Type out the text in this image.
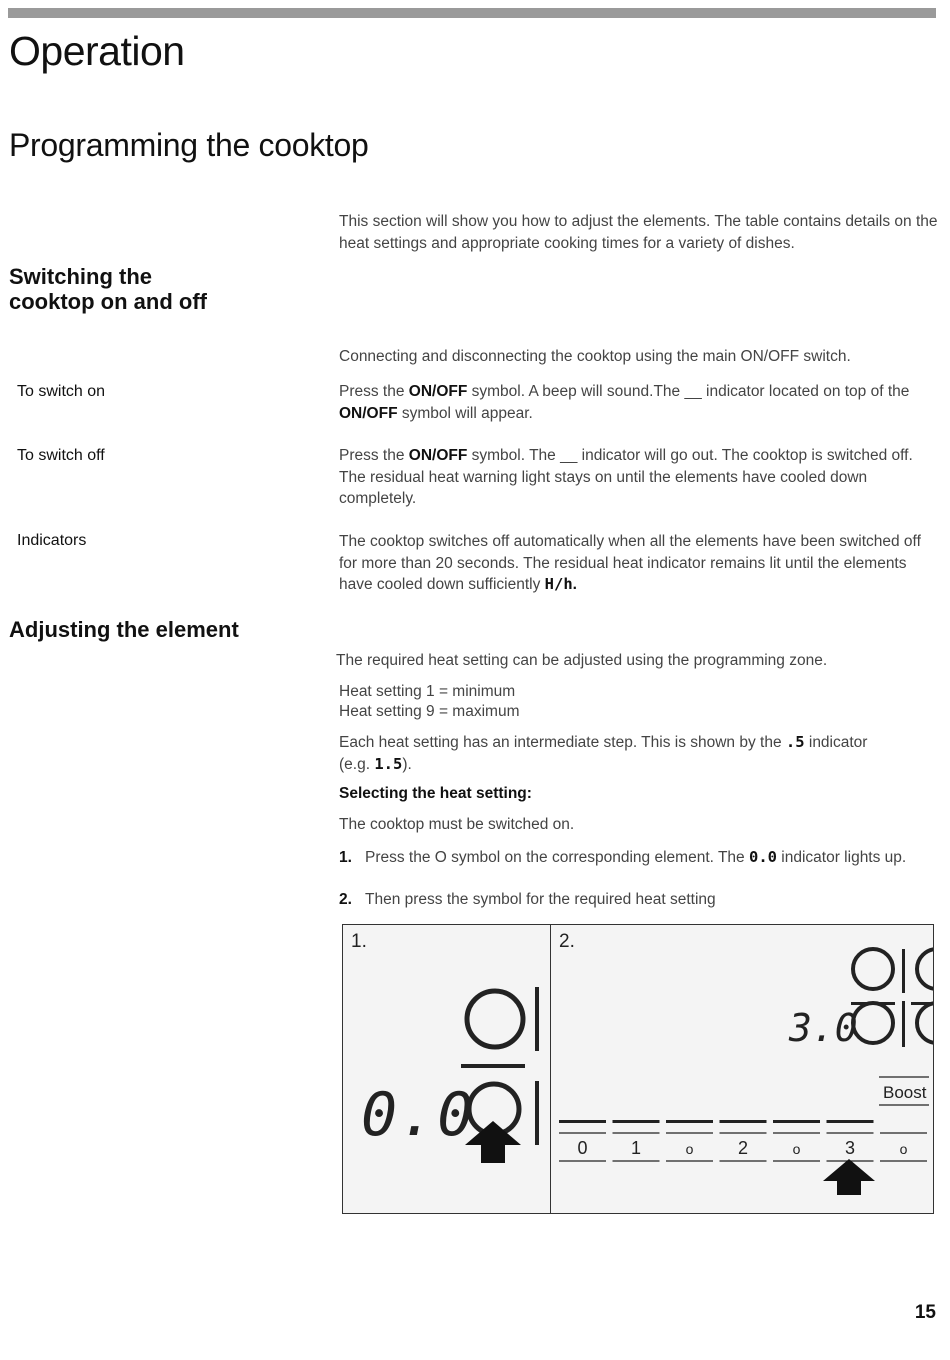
Operation
Programming the cooktop

This section will show you how to adjust the elements. The table contains details on the heat settings and appropriate cooking times for a variety of dishes.

Switching the
cooktop on and off

Connecting and disconnecting the cooktop using the main ON/OFF switch.

To switch on	Press the ON/OFF symbol. A beep will sound.The __ indicator located on top of the ON/OFF symbol will appear.

To switch off	Press the ON/OFF symbol. The __ indicator will go out. The cooktop is switched off. The residual heat warning light stays on until the elements have cooled down completely.

Indicators	The cooktop switches off automatically when all the elements have been switched off for more than 20 seconds. The residual heat indicator remains lit until the elements have cooled down sufficiently H/h.

Adjusting the element

The required heat setting can be adjusted using the programming zone.

Heat setting 1 = minimum

Heat setting 9 = maximum

Each heat setting has an intermediate step. This is shown by the .5 indicator
(e.g. 1.5).

Selecting the heat setting:

The cooktop must be switched on.

1. Press the O symbol on the corresponding element. The 0.0 indicator lights up.

2. Then press the symbol for the required heat setting

1.
0.0
2.
3.0
Boost
0 1	o 2	o 3	o
15
